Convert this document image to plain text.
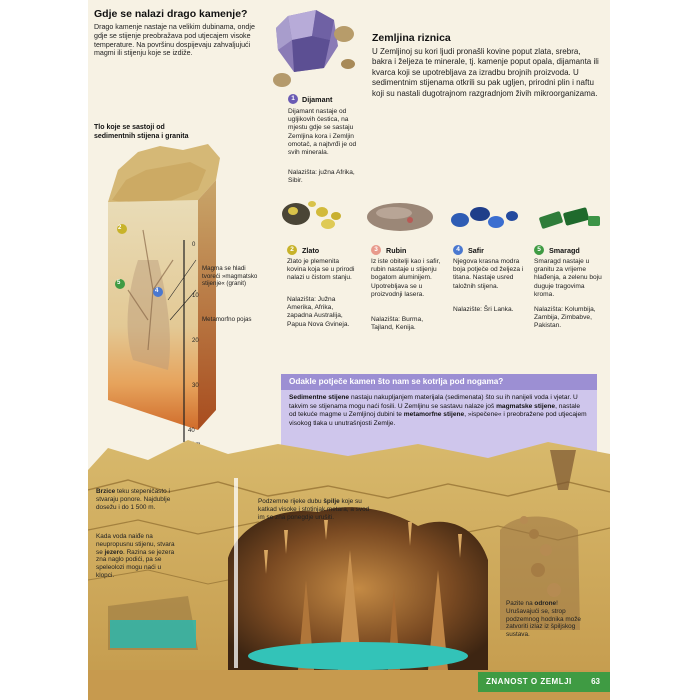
Gdje se nalazi drago kamenje?
Drago kamenje nastaje na velikim dubinama, ondje gdje se stijenje preobražava pod utjecajem visoke temperature. Na površinu dospijevaju zahvaljujući magmi ili stijenju koje se izdiže.
Tlo koje se sastoji od sedimentnih stijena i granita
2
5
4
0
10
20
30
40
Magma se hladi tvoreći »magmatsko stijenje« (granit)
Metamorfno pojas
1 Dijamant
Dijamant nastaje od ugljikovih čestica, na mjestu gdje se sastaju Zemljina kora i Zemljin omotač, a najtvrđi je od svih minerala.
Nalazišta: južna Afrika, Sibir.
Zemljina riznica
U Zemljinoj su kori ljudi pronašli kovine poput zlata, srebra, bakra i željeza te minerale, tj. kamenje poput opala, dijamanta ili kvarca koji se upotrebljava za izradbu brojnih proizvoda. U sedimentnim stijenama otkrili su pak ugljen, prirodni plin i naftu koji su nastali dugotrajnom razgradnjom živih mikroorganizama.
2	Zlato
Zlato je plemenita kovina koja se u prirodi nalazi u čistom stanju.
Nalazišta: Južna Amerika, Afrika, zapadna Australija, Papua Nova Gvineja.
3	Rubin
Iz iste obitelji kao i safir, rubin nastaje u stijenju bogatom aluminijem. Upotrebljava se u proizvodnji lasera.
Nalazišta: Burma, Tajland, Kenija.
4	Safir
Njegova krasna modra boja potječe od željeza i titana. Nastaje usred taložnih stijena.
Nalazište: Šri Lanka.
5	Smaragd
Smaragd nastaje u granitu za vrijeme hlađenja, a zelenu boju duguje tragovima kroma.
Nalazišta: Kolumbija, Zambija, Zimbabve, Pakistan.
Odakle potječe kamen što nam se kotrlja pod nogama?
Sedimentne stijene nastaju nakupljanjem materijala (sedimenata) što su ih nanijeli voda i vjetar. U takvim se stijenama mogu naći fosili. U Zemljinu se sastavu nalaze još magmatske stijene, nastale od tekuće magme u Zemljinoj dubini te metamorfne stijene, »ispečene« i preobražene pod utjecajem visokog tlaka u unutrašnjosti Zemlje.
Brzice teku stepeničasto i stvaraju ponore. Najdublje dosežu i do 1 500 m.
Kada voda naiđe na neupropusnu stijenu, stvara se jezero. Razina se jezera zna naglo podići, pa se speleolozi mogu naći u klopci.
Podzemne rijeke dubu špilje koje su katkad visoke i stotinjak metara, a svod im se zna ponegdje urušiti.
Pazite na odrone! Urušavajući se, strop podzemnog hodnika može zatvoriti izlaz iz špiljskog sustava.
ZNANOST O ZEMLJI 63
